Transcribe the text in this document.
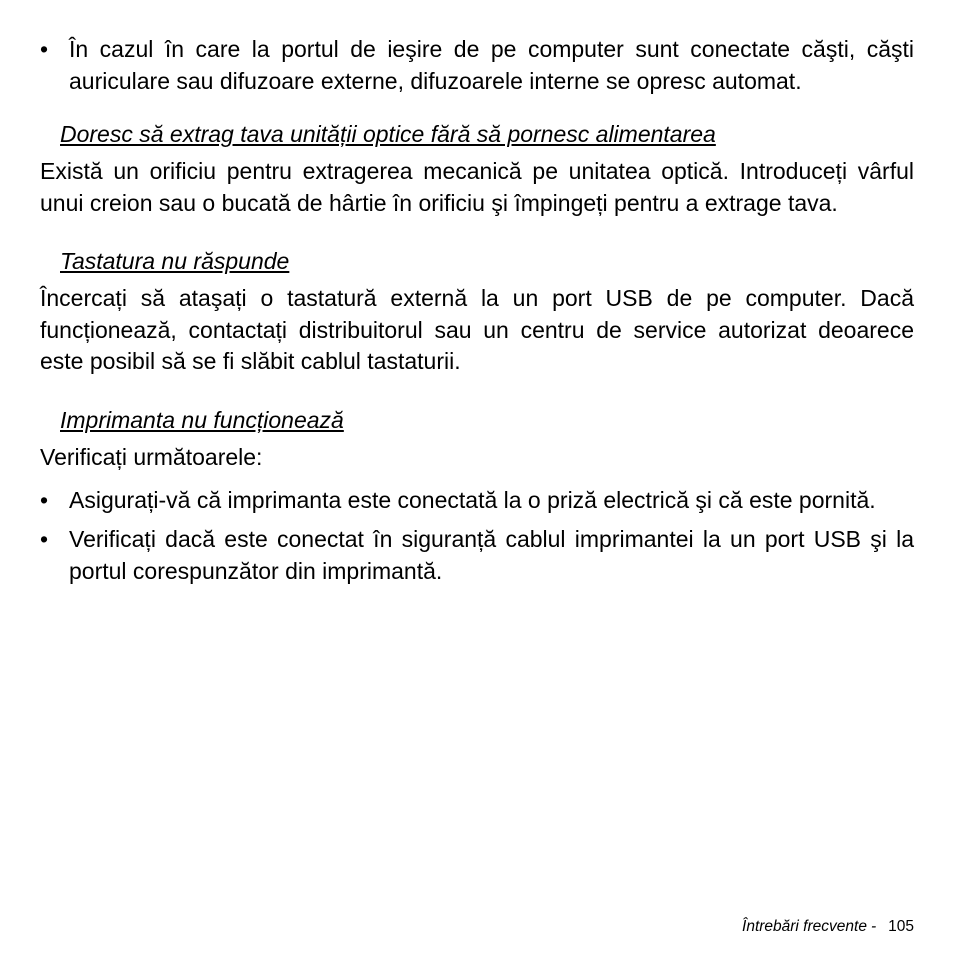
• În cazul în care la portul de ieşire de pe computer sunt conectate căşti, căşti auriculare sau difuzoare externe, difuzoarele interne se opresc automat.

Doresc să extrag tava unității optice fără să pornesc alimentarea

Există un orificiu pentru extragerea mecanică pe unitatea optică. Introduceți vârful unui creion sau o bucată de hârtie în orificiu şi împingeți pentru a extrage tava.

Tastatura nu răspunde

Încercați să ataşați o tastatură externă la un port USB de pe computer. Dacă funcționează, contactați distribuitorul sau un centru de service autorizat deoarece este posibil să se fi slăbit cablul tastaturii.

Imprimanta nu funcționează

Verificați următoarele:

• Asigurați-vă că imprimanta este conectată la o priză electrică şi că este pornită.
• Verificați dacă este conectat în siguranță cablul imprimantei la un port USB şi la portul corespunzător din imprimantă.
Întrebări frecvente - 105
